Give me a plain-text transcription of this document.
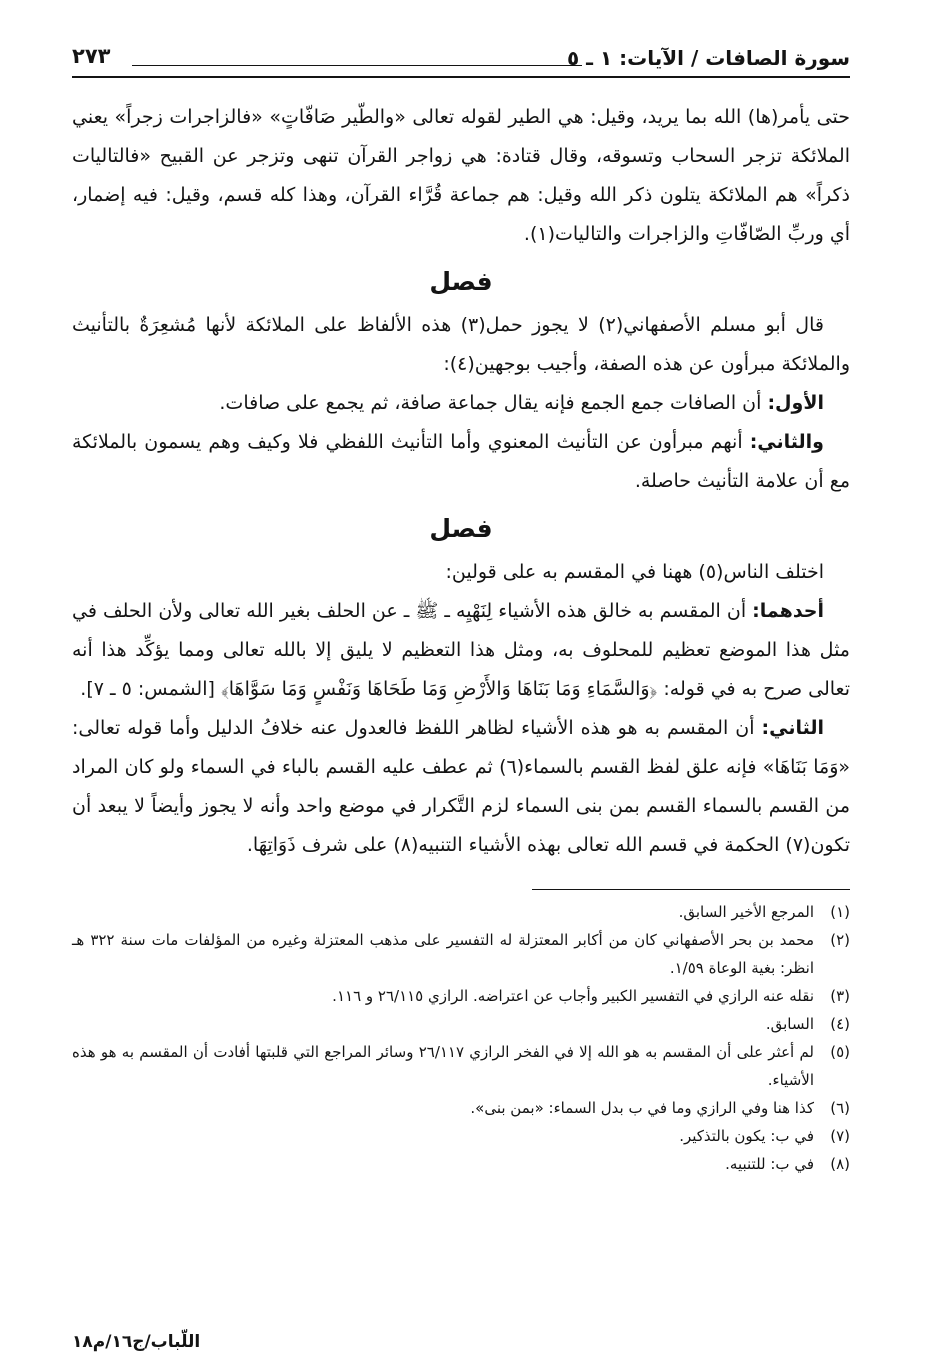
سورة الصافات / الآيات: ١ ـ ٥
٢٧٣

حتى يأمر(ها) الله بما يريد، وقيل: هي الطير لقوله تعالى «والطّير صَافّاتٍ» «فالزاجرات زجراً» يعني الملائكة تزجر السحاب وتسوقه، وقال قتادة: هي زواجر القرآن تنهى وتزجر عن القبيح «فالتاليات ذكراً» هم الملائكة يتلون ذكر الله وقيل: هم جماعة قُرَّاء القرآن، وهذا كله قسم، وقيل: فيه إضمار، أي وربِّ الصّافّاتِ والزاجرات والتاليات(١).

فصل

قال أبو مسلم الأصفهاني(٢) لا يجوز حمل(٣) هذه الألفاظ على الملائكة لأنها مُشعِرَةٌ بالتأنيث والملائكة مبرأون عن هذه الصفة، وأجيب بوجهين(٤):

الأول: أن الصافات جمع الجمع فإنه يقال جماعة صافة، ثم يجمع على صافات.

والثاني: أنهم مبرأون عن التأنيث المعنوي وأما التأنيث اللفظي فلا وكيف وهم يسمون بالملائكة مع أن علامة التأنيث حاصلة.

فصل

اختلف الناس(٥) ههنا في المقسم به على قولين:

أحدهما: أن المقسم به خالق هذه الأشياء لِنَهْيِه ـ ﷺ ـ عن الحلف بغير الله تعالى ولأن الحلف في مثل هذا الموضع تعظيم للمحلوف به، ومثل هذا التعظيم لا يليق إلا بالله تعالى ومما يؤكِّد هذا أنه تعالى صرح به في قوله: ﴿وَالسَّمَاءِ وَمَا بَنَاهَا وَالأَرْضِ وَمَا طَحَاهَا وَنَفْسٍ وَمَا سَوَّاهَا﴾ [الشمس: ٥ ـ ٧].

الثاني: أن المقسم به هو هذه الأشياء لظاهر اللفظ فالعدول عنه خلافُ الدليل وأما قوله تعالى: «وَمَا بَنَاهَا» فإنه علق لفظ القسم بالسماء(٦) ثم عطف عليه القسم بالباء في السماء ولو كان المراد من القسم بالسماء القسم بمن بنى السماء لزم التَّكرار في موضع واحد وأنه لا يجوز وأيضاً لا يبعد أن تكون(٧) الحكمة في قسم الله تعالى بهذه الأشياء التنبيه(٨) على شرف ذَوَاتِهَا.

(١)
المرجع الأخير السابق.

(٢)
محمد بن بحر الأصفهاني كان من أكابر المعتزلة له التفسير على مذهب المعتزلة وغيره من المؤلفات مات سنة ٣٢٢ هـ انظر: بغية الوعاة ١/٥٩.

(٣)
نقله عنه الرازي في التفسير الكبير وأجاب عن اعتراضه. الرازي ٢٦/١١٥ و ١١٦.

(٤)
السابق.

(٥)
لم أعثر على أن المقسم به هو الله إلا في الفخر الرازي ٢٦/١١٧ وسائر المراجع التي قلبتها أفادت أن المقسم به هو هذه الأشياء.

(٦)
كذا هنا وفي الرازي وما في ب بدل السماء: «بمن بنى».

(٧)
في ب: يكون بالتذكير.

(٨)
في ب: للتنبيه.

اللّباب/ج١٦/م١٨
